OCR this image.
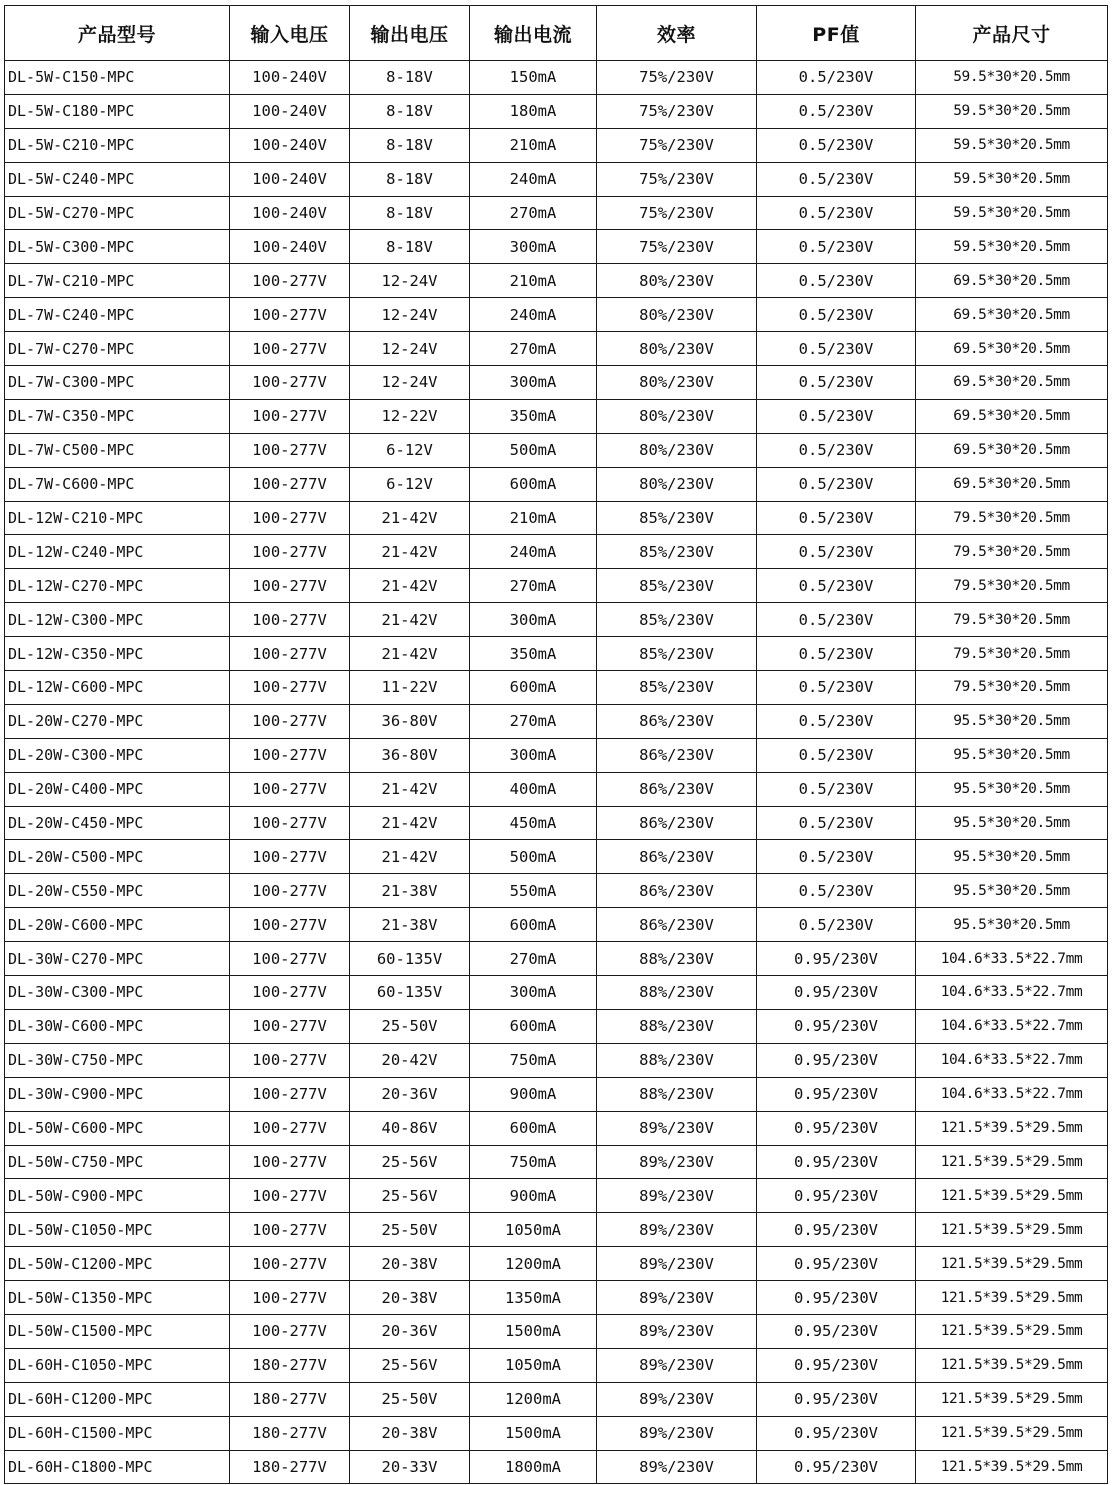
产品型号	输入电压	输出电压	输出电流	效率	PF值	产品尺寸
DL-5W-C150-MPC	100-240V	8-18V	150mA	75%/230V	0.5/230V	59.5*30*20.5mm
DL-5W-C180-MPC	100-240V	8-18V	180mA	75%/230V	0.5/230V	59.5*30*20.5mm
DL-5W-C210-MPC	100-240V	8-18V	210mA	75%/230V	0.5/230V	59.5*30*20.5mm
DL-5W-C240-MPC	100-240V	8-18V	240mA	75%/230V	0.5/230V	59.5*30*20.5mm
DL-5W-C270-MPC	100-240V	8-18V	270mA	75%/230V	0.5/230V	59.5*30*20.5mm
DL-5W-C300-MPC	100-240V	8-18V	300mA	75%/230V	0.5/230V	59.5*30*20.5mm
DL-7W-C210-MPC	100-277V	12-24V	210mA	80%/230V	0.5/230V	69.5*30*20.5mm
DL-7W-C240-MPC	100-277V	12-24V	240mA	80%/230V	0.5/230V	69.5*30*20.5mm
DL-7W-C270-MPC	100-277V	12-24V	270mA	80%/230V	0.5/230V	69.5*30*20.5mm
DL-7W-C300-MPC	100-277V	12-24V	300mA	80%/230V	0.5/230V	69.5*30*20.5mm
DL-7W-C350-MPC	100-277V	12-22V	350mA	80%/230V	0.5/230V	69.5*30*20.5mm
DL-7W-C500-MPC	100-277V	6-12V	500mA	80%/230V	0.5/230V	69.5*30*20.5mm
DL-7W-C600-MPC	100-277V	6-12V	600mA	80%/230V	0.5/230V	69.5*30*20.5mm
DL-12W-C210-MPC	100-277V	21-42V	210mA	85%/230V	0.5/230V	79.5*30*20.5mm
DL-12W-C240-MPC	100-277V	21-42V	240mA	85%/230V	0.5/230V	79.5*30*20.5mm
DL-12W-C270-MPC	100-277V	21-42V	270mA	85%/230V	0.5/230V	79.5*30*20.5mm
DL-12W-C300-MPC	100-277V	21-42V	300mA	85%/230V	0.5/230V	79.5*30*20.5mm
DL-12W-C350-MPC	100-277V	21-42V	350mA	85%/230V	0.5/230V	79.5*30*20.5mm
DL-12W-C600-MPC	100-277V	11-22V	600mA	85%/230V	0.5/230V	79.5*30*20.5mm
DL-20W-C270-MPC	100-277V	36-80V	270mA	86%/230V	0.5/230V	95.5*30*20.5mm
DL-20W-C300-MPC	100-277V	36-80V	300mA	86%/230V	0.5/230V	95.5*30*20.5mm
DL-20W-C400-MPC	100-277V	21-42V	400mA	86%/230V	0.5/230V	95.5*30*20.5mm
DL-20W-C450-MPC	100-277V	21-42V	450mA	86%/230V	0.5/230V	95.5*30*20.5mm
DL-20W-C500-MPC	100-277V	21-42V	500mA	86%/230V	0.5/230V	95.5*30*20.5mm
DL-20W-C550-MPC	100-277V	21-38V	550mA	86%/230V	0.5/230V	95.5*30*20.5mm
DL-20W-C600-MPC	100-277V	21-38V	600mA	86%/230V	0.5/230V	95.5*30*20.5mm
DL-30W-C270-MPC	100-277V	60-135V	270mA	88%/230V	0.95/230V	104.6*33.5*22.7mm
DL-30W-C300-MPC	100-277V	60-135V	300mA	88%/230V	0.95/230V	104.6*33.5*22.7mm
DL-30W-C600-MPC	100-277V	25-50V	600mA	88%/230V	0.95/230V	104.6*33.5*22.7mm
DL-30W-C750-MPC	100-277V	20-42V	750mA	88%/230V	0.95/230V	104.6*33.5*22.7mm
DL-30W-C900-MPC	100-277V	20-36V	900mA	88%/230V	0.95/230V	104.6*33.5*22.7mm
DL-50W-C600-MPC	100-277V	40-86V	600mA	89%/230V	0.95/230V	121.5*39.5*29.5mm
DL-50W-C750-MPC	100-277V	25-56V	750mA	89%/230V	0.95/230V	121.5*39.5*29.5mm
DL-50W-C900-MPC	100-277V	25-56V	900mA	89%/230V	0.95/230V	121.5*39.5*29.5mm
DL-50W-C1050-MPC	100-277V	25-50V	1050mA	89%/230V	0.95/230V	121.5*39.5*29.5mm
DL-50W-C1200-MPC	100-277V	20-38V	1200mA	89%/230V	0.95/230V	121.5*39.5*29.5mm
DL-50W-C1350-MPC	100-277V	20-38V	1350mA	89%/230V	0.95/230V	121.5*39.5*29.5mm
DL-50W-C1500-MPC	100-277V	20-36V	1500mA	89%/230V	0.95/230V	121.5*39.5*29.5mm
DL-60H-C1050-MPC	180-277V	25-56V	1050mA	89%/230V	0.95/230V	121.5*39.5*29.5mm
DL-60H-C1200-MPC	180-277V	25-50V	1200mA	89%/230V	0.95/230V	121.5*39.5*29.5mm
DL-60H-C1500-MPC	180-277V	20-38V	1500mA	89%/230V	0.95/230V	121.5*39.5*29.5mm
DL-60H-C1800-MPC	180-277V	20-33V	1800mA	89%/230V	0.95/230V	121.5*39.5*29.5mm
